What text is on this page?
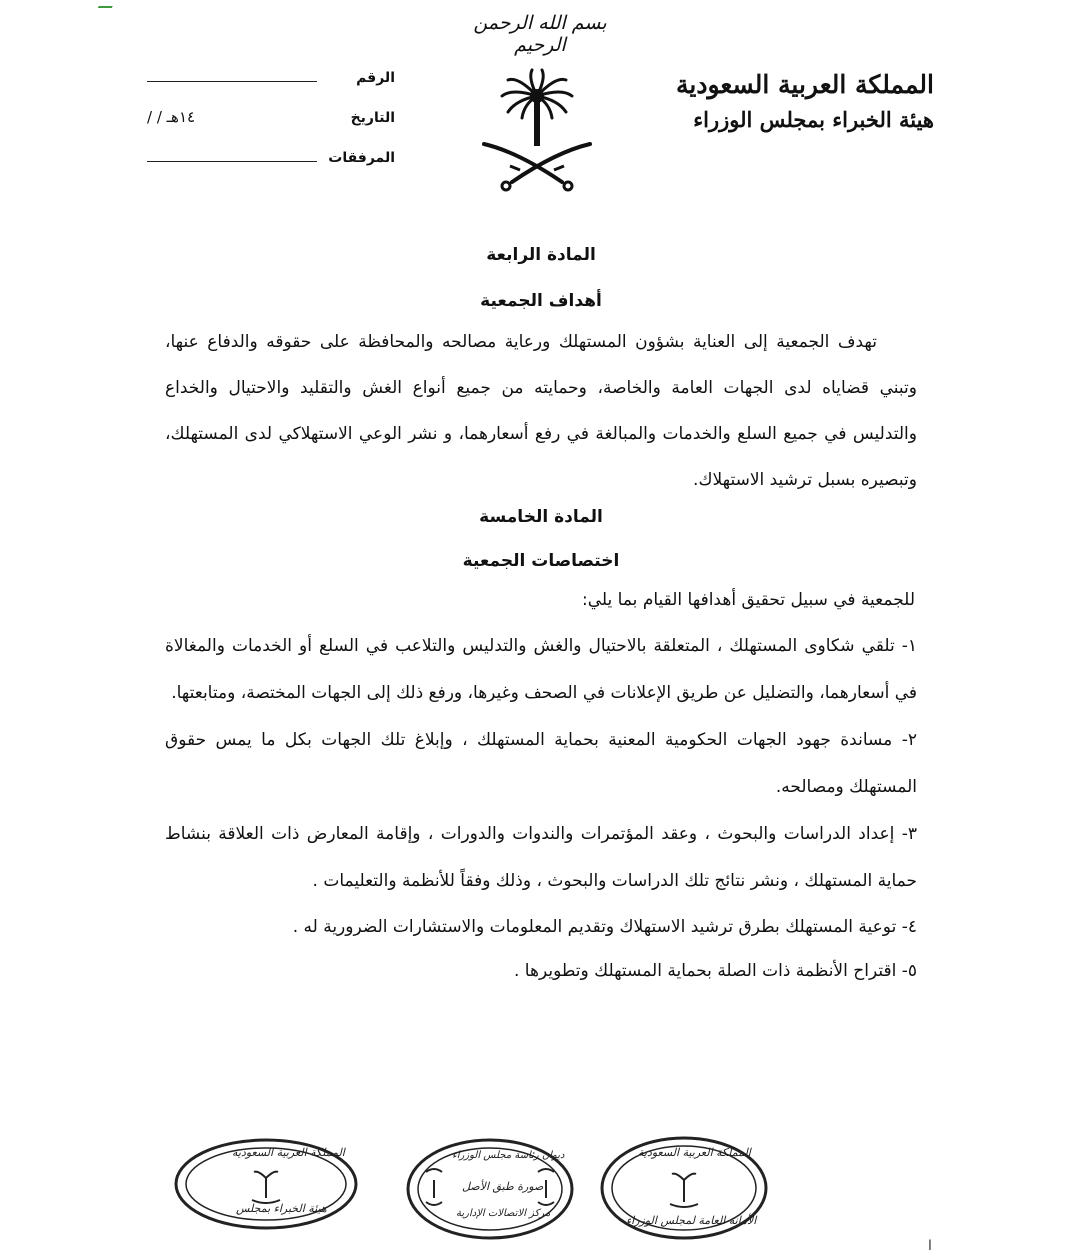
بسم الله الرحمن الرحيم
المملكة العربية السعودية
هيئة الخبراء بمجلس الوزراء
الرقم
التاريخ
١٤هـ / /
المرفقات

المادة الرابعة

أهداف الجمعية

تهدف الجمعية إلى العناية بشؤون المستهلك ورعاية مصالحه والمحافظة على حقوقه والدفاع عنها، وتبني قضاياه لدى الجهات العامة والخاصة، وحمايته من جميع أنواع الغش والتقليد والاحتيال والخداع والتدليس في جميع السلع والخدمات والمبالغة في رفع أسعارهما، و نشر الوعي الاستهلاكي لدى المستهلك، وتبصيره بسبل ترشيد الاستهلاك.

المادة الخامسة

اختصاصات الجمعية

للجمعية في سبيل تحقيق أهدافها القيام بما يلي:

١- تلقي شكاوى المستهلك ، المتعلقة بالاحتيال والغش والتدليس والتلاعب في السلع أو الخدمات والمغالاة في أسعارهما، والتضليل عن طريق الإعلانات في الصحف وغيرها، ورفع ذلك إلى الجهات المختصة، ومتابعتها.

٢- مساندة جهود الجهات الحكومية المعنية بحماية المستهلك ، وإبلاغ تلك الجهات بكل ما يمس حقوق المستهلك ومصالحه.

٣- إعداد الدراسات والبحوث ، وعقد المؤتمرات والندوات والدورات ، وإقامة المعارض ذات العلاقة بنشاط حماية المستهلك ، ونشر نتائج تلك الدراسات والبحوث ، وذلك وفقاً للأنظمة والتعليمات .

٤- توعية المستهلك بطرق ترشيد الاستهلاك وتقديم المعلومات والاستشارات الضرورية له .

٥- اقتراح الأنظمة ذات الصلة بحماية المستهلك وتطويرها .

المملكة العربية السعودية
هيئة الخبراء بمجلس
ديوان رئاسة مجلس الوزراء
صورة طبق الأصل
مركز الاتصالات الإدارية
المملكة العربية السعودية
الأمانة العامة لمجلس الوزراء
ا
